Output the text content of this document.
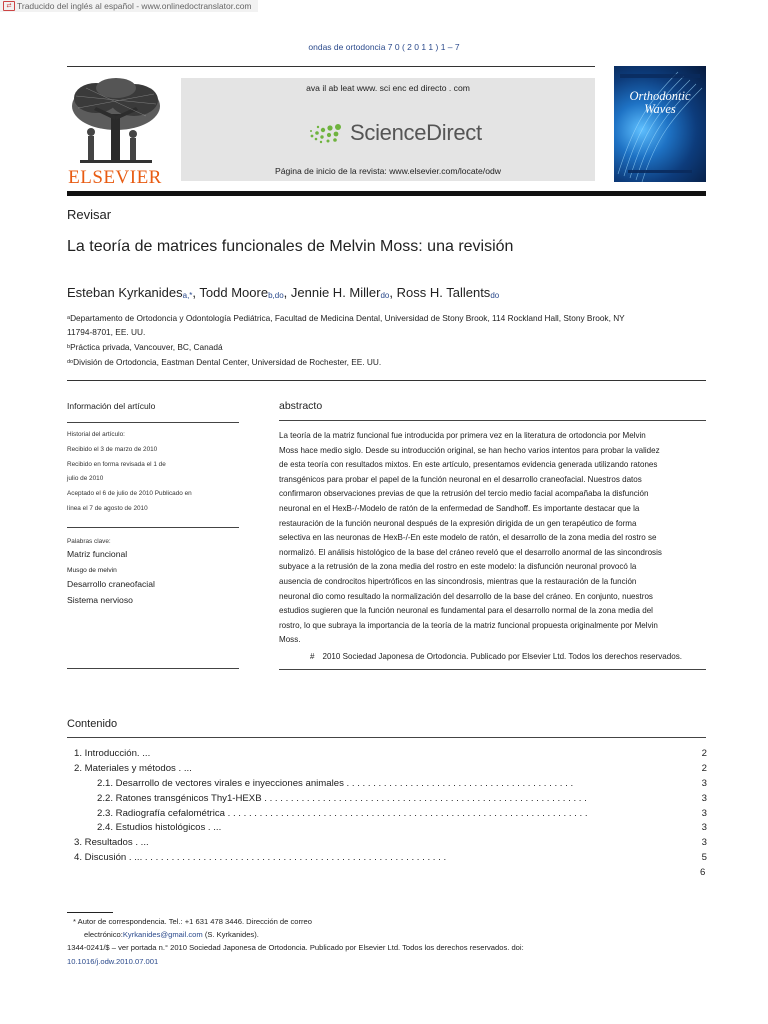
⇄ Traducido del inglés al español - www.onlinedoctranslator.com
ondas de ortodoncia 7 0 ( 2 0 1 1 ) 1 – 7
ELSEVIER
ava il ab leat www. sci enc ed directo . com
ScienceDirect
Página de inicio de la revista: www.elsevier.com/locate/odw
Orthodontic Waves
Revisar
La teoría de matrices funcionales de Melvin Moss: una revisión
Esteban Kyrkanides$^{a,*}$, Todd Moore$^{b,do}$, Jennie H. Miller$^{do}$, Ross H. Tallents$^{do}$
$^a$Departamento de Ortodoncia y Odontología Pediátrica, Facultad de Medicina Dental, Universidad de Stony Brook, 114 Rockland Hall, Stony Brook, NY
11794-8701, EE. UU.
$^b$Práctica privada, Vancouver, BC, Canadá
$^{do}$División de Ortodoncia, Eastman Dental Center, Universidad de Rochester, EE. UU.
Información del artículo
Historial del artículo:
Recibido el 3 de marzo de 2010
Recibido en forma revisada el 1 de
julio de 2010
Aceptado el 6 de julio de 2010 Publicado en
línea el 7 de agosto de 2010
Palabras clave:
Matriz funcional
Musgo de melvin
Desarrollo craneofacial
Sistema nervioso
abstracto
La teoría de la matriz funcional fue introducida por primera vez en la literatura de ortodoncia por Melvin
Moss hace medio siglo. Desde su introducción original, se han hecho varios intentos para probar la validez
de esta teoría con resultados mixtos. En este artículo, presentamos evidencia generada utilizando ratones
transgénicos para probar el papel de la función neuronal en el desarrollo craneofacial. Nuestros datos
confirmaron observaciones previas de que la retrusión del tercio medio facial acompañaba la disfunción
neuronal en el HexB-/-Modelo de ratón de la enfermedad de Sandhoff. Es importante destacar que la
restauración de la función neuronal después de la expresión dirigida de un gen terapéutico de forma
selectiva en las neuronas de HexB-/-En este modelo de ratón, el desarrollo de la zona media del rostro se
normalizó. El análisis histológico de la base del cráneo reveló que el desarrollo anormal de las sincondrosis
subyace a la retrusión de la zona media del rostro en este modelo: la disfunción neuronal provocó la
ausencia de condrocitos hipertróficos en las sincondrosis, mientras que la restauración de la función
neuronal dio como resultado la normalización del desarrollo de la base del cráneo. En conjunto, nuestros
estudios sugieren que la función neuronal es fundamental para el desarrollo normal de la zona media del
rostro, lo que subraya la importancia de la teoría de la matriz funcional propuesta originalmente por Melvin
Moss.
# 2010 Sociedad Japonesa de Ortodoncia. Publicado por Elsevier Ltd. Todos los derechos reservados.
Contenido
1. Introducción. ...	2
2. Materiales y métodos . ...	2
2.1. Desarrollo de vectores virales e inyecciones animales . . . . . . . . . . . . . . . . . . . . . . . . . . . . . . . . . . . . . . . . . . .	3
2.2. Ratones transgénicos Thy1-HEXB . . . . . . . . . . . . . . . . . . . . . . . . . . . . . . . . . . . . . . . . . . . . . . . . . . . . . . . . . . . . .	3
2.3. Radiografía cefalométrica . . . . . . . . . . . . . . . . . . . . . . . . . . . . . . . . . . . . . . . . . . . . . . . . . . . . . . . . . . . . . . . . . . . .	3
2.4. Estudios histológicos . ...	3
3. Resultados . ...	3
4. Discusión . ... . . . . . . . . . . . . . . . . . . . . . . . . . . . . . . . . . . . . . . . . . . . . . . . . . . . . . . . . .	5
6
* Autor de correspondencia. Tel.: +1 631 478 3446. Dirección de correo
electrónico:Kyrkanides@gmail.com (S. Kyrkanides).
1344-0241/$ – ver portada n.° 2010 Sociedad Japonesa de Ortodoncia. Publicado por Elsevier Ltd. Todos los derechos reservados. doi:
10.1016/j.odw.2010.07.001
